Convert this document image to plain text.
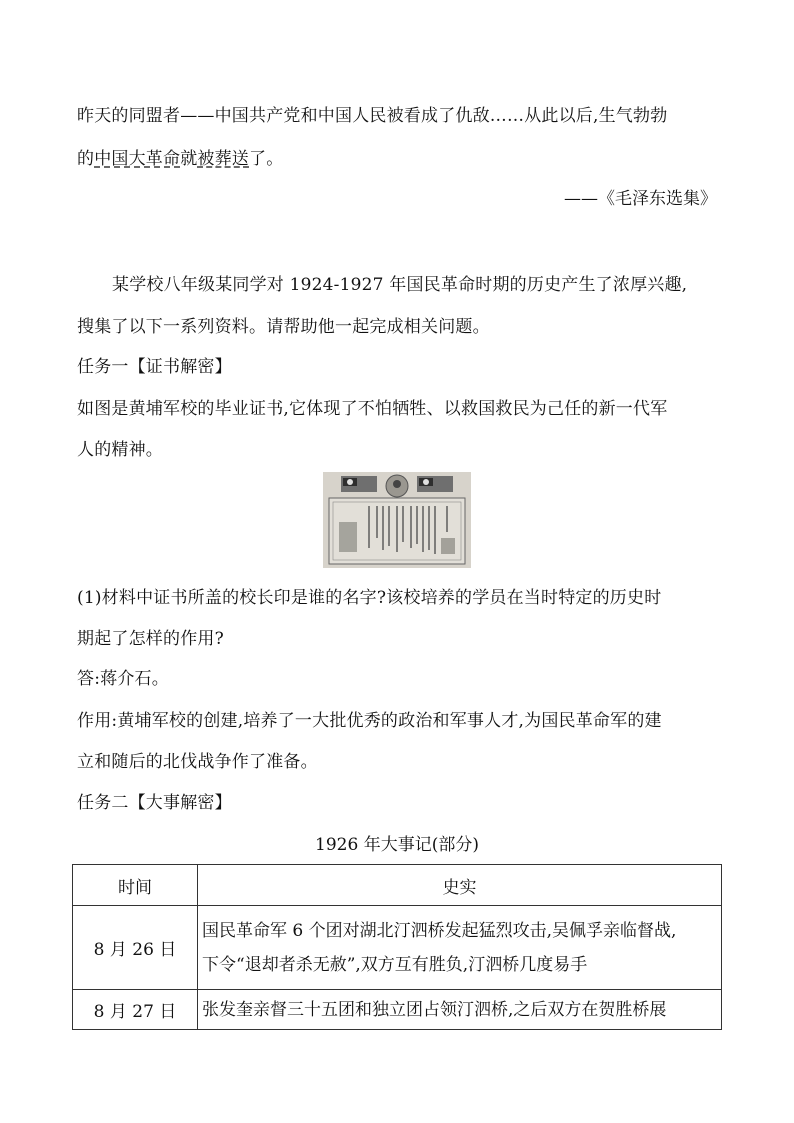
昨天的同盟者——中国共产党和中国人民被看成了仇敌……从此以后,生气勃勃
的中国大革命就被葬送了。
——《毛泽东选集》
某学校八年级某同学对 1924-1927 年国民革命时期的历史产生了浓厚兴趣,
搜集了以下一系列资料。请帮助他一起完成相关问题。
任务一【证书解密】
如图是黄埔军校的毕业证书,它体现了不怕牺牲、以救国救民为己任的新一代军
人的精神。
(1)材料中证书所盖的校长印是谁的名字?该校培养的学员在当时特定的历史时
期起了怎样的作用?
答:蒋介石。
作用:黄埔军校的创建,培养了一大批优秀的政治和军事人才,为国民革命军的建
立和随后的北伐战争作了准备。
任务二【大事解密】
1926 年大事记(部分)
时间	史实
8 月 26 日	国民革命军 6 个团对湖北汀泗桥发起猛烈攻击,吴佩孚亲临督战,
下令“退却者杀无赦”,双方互有胜负,汀泗桥几度易手

8 月 27 日	张发奎亲督三十五团和独立团占领汀泗桥,之后双方在贺胜桥展
